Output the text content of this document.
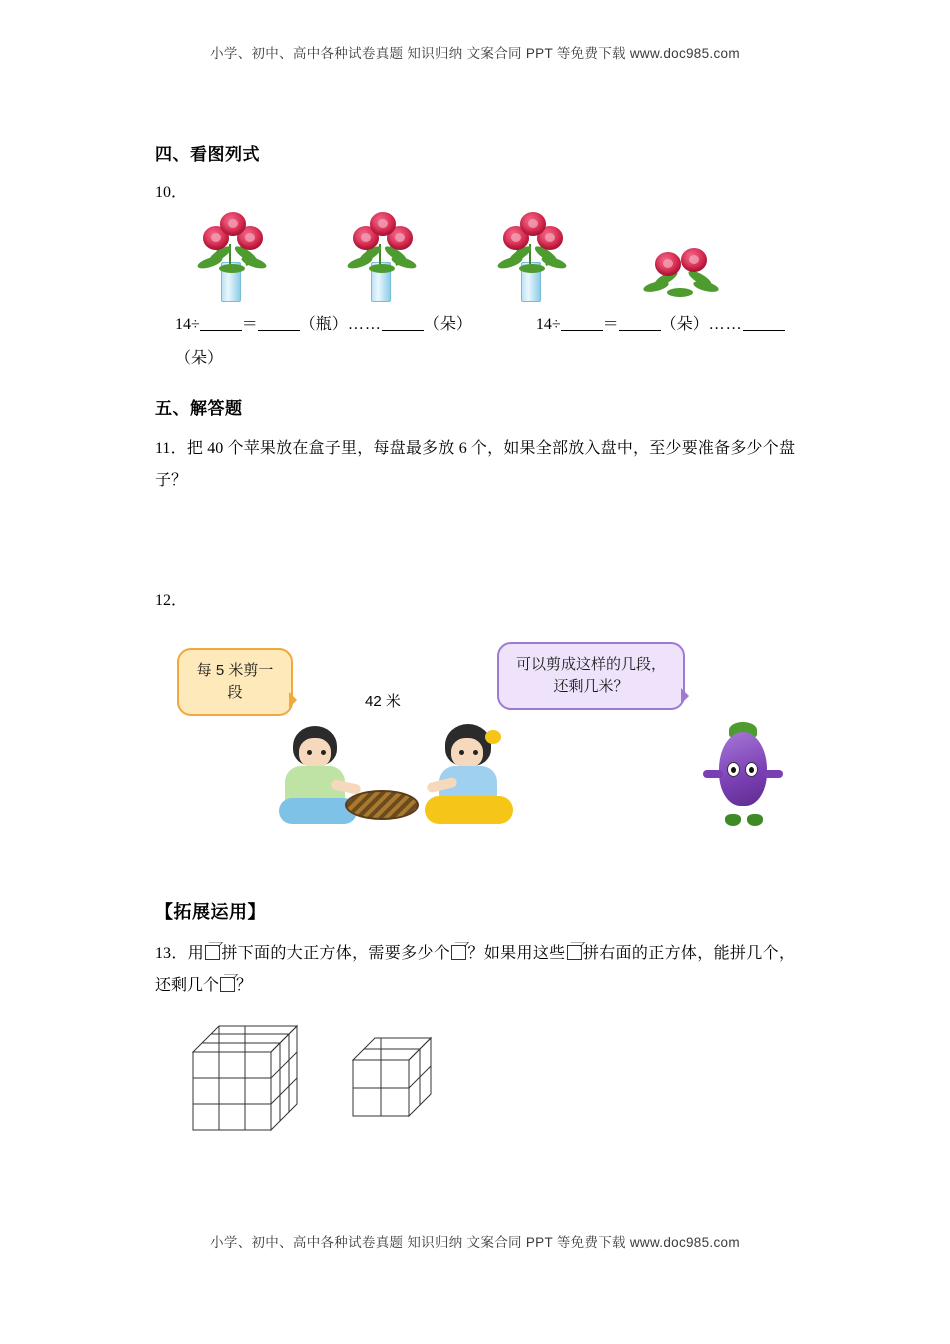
小学、初中、高中各种试卷真题 知识归纳 文案合同 PPT 等免费下载 www.doc985.com
四、看图列式

10．

14÷	＝	（瓶）……	（朵）	14÷	＝	（朵）……
（朵）
五、解答题

11．把 40 个苹果放在盒子里，每盘最多放 6 个，如果全部放入盘中，至少要准备多少个盘子？

12．

每 5 米剪一段
42 米
可以剪成这样的几段，还剩几米？
【拓展运用】

13．用 拼下面的大正方体，需要多少个 ？如果用这些 拼右面的正方体，能拼几个，还剩几个 ？

小学、初中、高中各种试卷真题 知识归纳 文案合同 PPT 等免费下载 www.doc985.com
